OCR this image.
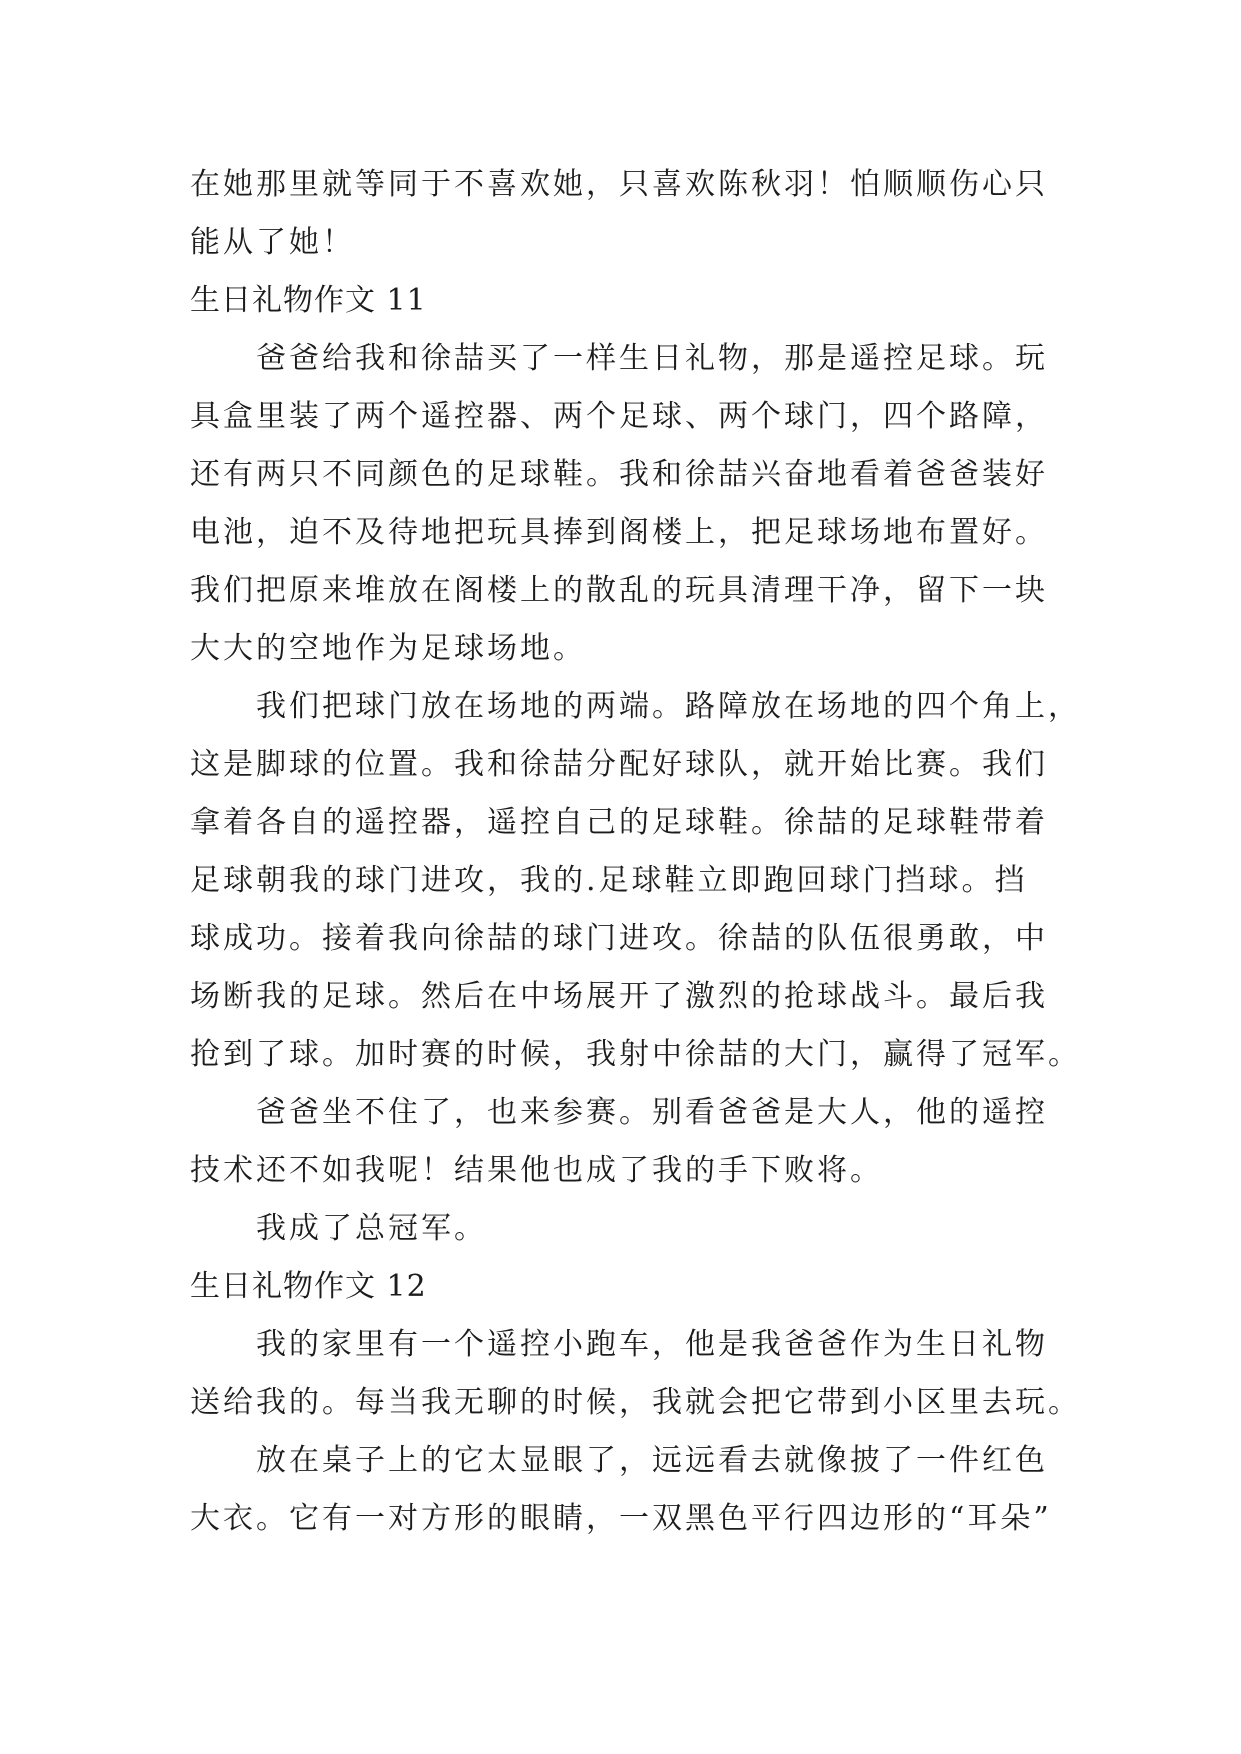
在她那里就等同于不喜欢她，只喜欢陈秋羽！怕顺顺伤心只
能从了她！
生日礼物作文 11
爸爸给我和徐喆买了一样生日礼物，那是遥控足球。玩
具盒里装了两个遥控器、两个足球、两个球门，四个路障，
还有两只不同颜色的足球鞋。我和徐喆兴奋地看着爸爸装好
电池，迫不及待地把玩具捧到阁楼上，把足球场地布置好。
我们把原来堆放在阁楼上的散乱的玩具清理干净，留下一块
大大的空地作为足球场地。
我们把球门放在场地的两端。路障放在场地的四个角上，
这是脚球的位置。我和徐喆分配好球队，就开始比赛。我们
拿着各自的遥控器，遥控自己的足球鞋。徐喆的足球鞋带着
足球朝我的球门进攻，我的.足球鞋立即跑回球门挡球。挡
球成功。接着我向徐喆的球门进攻。徐喆的队伍很勇敢，中
场断我的足球。然后在中场展开了激烈的抢球战斗。最后我
抢到了球。加时赛的时候，我射中徐喆的大门，赢得了冠军。
爸爸坐不住了，也来参赛。别看爸爸是大人，他的遥控
技术还不如我呢！结果他也成了我的手下败将。
我成了总冠军。
生日礼物作文 12
我的家里有一个遥控小跑车，他是我爸爸作为生日礼物
送给我的。每当我无聊的时候，我就会把它带到小区里去玩。
放在桌子上的它太显眼了，远远看去就像披了一件红色
大衣。它有一对方形的眼睛，一双黑色平行四边形的“耳朵”
